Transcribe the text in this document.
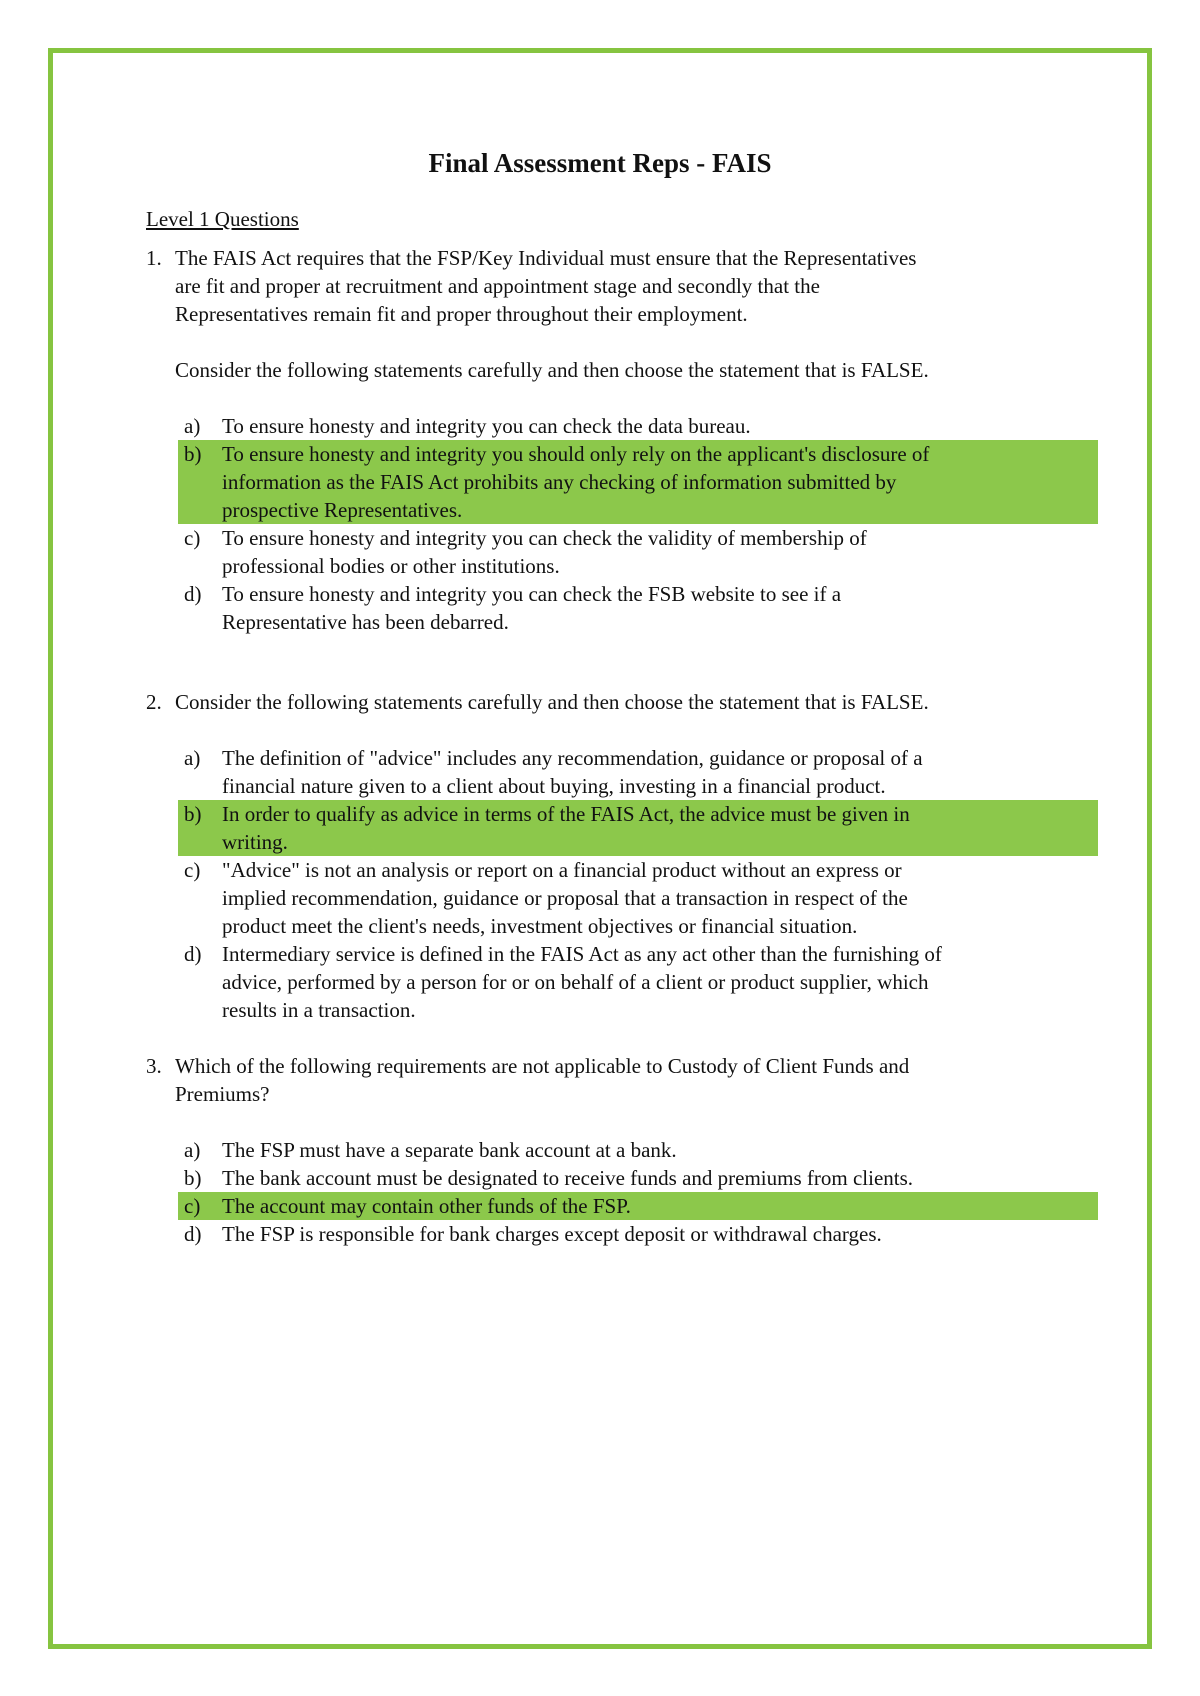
Final Assessment Reps - FAIS
Level 1 Questions
1. The FAIS Act requires that the FSP/Key Individual must ensure that the Representatives
are fit and proper at recruitment and appointment stage and secondly that the
Representatives remain fit and proper throughout their employment.
Consider the following statements carefully and then choose the statement that is FALSE.
a) To ensure honesty and integrity you can check the data bureau.
b) To ensure honesty and integrity you should only rely on the applicant's disclosure of
information as the FAIS Act prohibits any checking of information submitted by
prospective Representatives.
c) To ensure honesty and integrity you can check the validity of membership of
professional bodies or other institutions.
d) To ensure honesty and integrity you can check the FSB website to see if a
Representative has been debarred.
2. Consider the following statements carefully and then choose the statement that is FALSE.
a) The definition of "advice" includes any recommendation, guidance or proposal of a
financial nature given to a client about buying, investing in a financial product.
b) In order to qualify as advice in terms of the FAIS Act, the advice must be given in
writing.
c) "Advice" is not an analysis or report on a financial product without an express or
implied recommendation, guidance or proposal that a transaction in respect of the
product meet the client's needs, investment objectives or financial situation.
d) Intermediary service is defined in the FAIS Act as any act other than the furnishing of
advice, performed by a person for or on behalf of a client or product supplier, which
results in a transaction.
3. Which of the following requirements are not applicable to Custody of Client Funds and
Premiums?
a) The FSP must have a separate bank account at a bank.
b) The bank account must be designated to receive funds and premiums from clients.
c) The account may contain other funds of the FSP.
d) The FSP is responsible for bank charges except deposit or withdrawal charges.
